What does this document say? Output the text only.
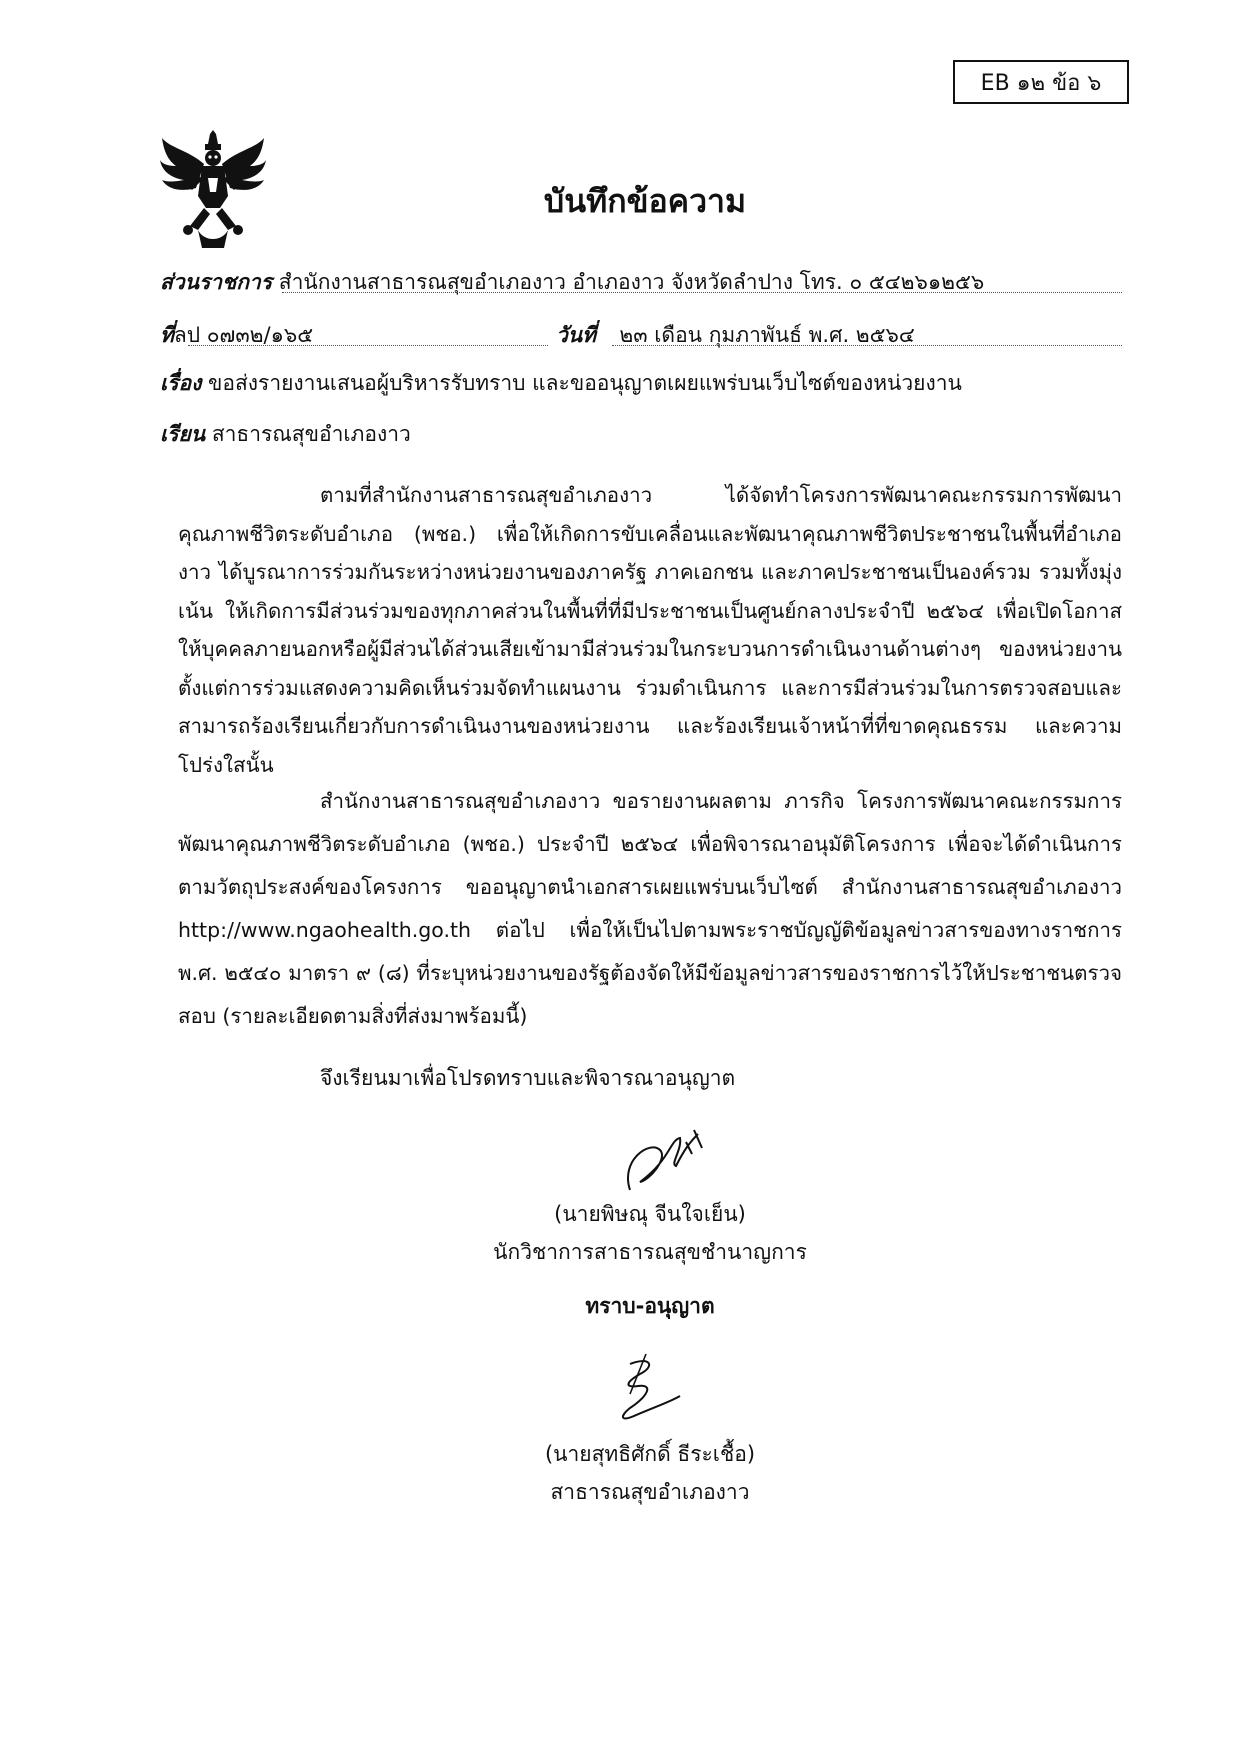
EB ๑๒ ข้อ ๖
บันทึกข้อความ
ส่วนราชการ สำนักงานสาธารณสุขอำเภองาว อำเภองาว จังหวัดลำปาง โทร. ๐ ๕๔๒๖๑๒๕๖
ที่ลป ๐๗๓๒/๑๖๕	วันที่ ๒๓ เดือน กุมภาพันธ์ พ.ศ. ๒๕๖๔
เรื่อง ขอส่งรายงานเสนอผู้บริหารรับทราบ และขออนุญาตเผยแพร่บนเว็บไซต์ของหน่วยงาน
เรียน สาธารณสุขอำเภองาว
ตามที่สำนักงานสาธารณสุขอำเภองาว ได้จัดทำโครงการพัฒนาคณะกรรมการพัฒนาคุณภาพชีวิตระดับอำเภอ (พชอ.) เพื่อให้เกิดการขับเคลื่อนและพัฒนาคุณภาพชีวิตประชาชนในพื้นที่อำเภองาว ได้บูรณาการร่วมกันระหว่างหน่วยงานของภาครัฐ ภาคเอกชน และภาคประชาชนเป็นองค์รวม รวมทั้งมุ่งเน้น ให้เกิดการมีส่วนร่วมของทุกภาคส่วนในพื้นที่ที่มีประชาชนเป็นศูนย์กลางประจำปี ๒๕๖๔ เพื่อเปิดโอกาสให้บุคคลภายนอกหรือผู้มีส่วนได้ส่วนเสียเข้ามามีส่วนร่วมในกระบวนการดำเนินงานด้านต่างๆ ของหน่วยงาน ตั้งแต่การร่วมแสดงความคิดเห็นร่วมจัดทำแผนงาน ร่วมดำเนินการ และการมีส่วนร่วมในการตรวจสอบและสามารถร้องเรียนเกี่ยวกับการดำเนินงานของหน่วยงาน และร้องเรียนเจ้าหน้าที่ที่ขาดคุณธรรม และความโปร่งใสนั้น
สำนักงานสาธารณสุขอำเภองาว ขอรายงานผลตาม ภารกิจ โครงการพัฒนาคณะกรรมการพัฒนาคุณภาพชีวิตระดับอำเภอ (พชอ.) ประจำปี ๒๕๖๔ เพื่อพิจารณาอนุมัติโครงการ เพื่อจะได้ดำเนินการตามวัตถุประสงค์ของโครงการ ขออนุญาตนำเอกสารเผยแพร่บนเว็บไซต์ สำนักงานสาธารณสุขอำเภองาว http://www.ngaohealth.go.th ต่อไป เพื่อให้เป็นไปตามพระราชบัญญัติข้อมูลข่าวสารของทางราชการ พ.ศ. ๒๕๔๐ มาตรา ๙ (๘) ที่ระบุหน่วยงานของรัฐต้องจัดให้มีข้อมูลข่าวสารของราชการไว้ให้ประชาชนตรวจสอบ (รายละเอียดตามสิ่งที่ส่งมาพร้อมนี้)
จึงเรียนมาเพื่อโปรดทราบและพิจารณาอนุญาต
(นายพิษณุ จีนใจเย็น)
นักวิชาการสาธารณสุขชำนาญการ
ทราบ-อนุญาต
(นายสุทธิศักดิ์ ธีระเชื้อ)
สาธารณสุขอำเภองาว
